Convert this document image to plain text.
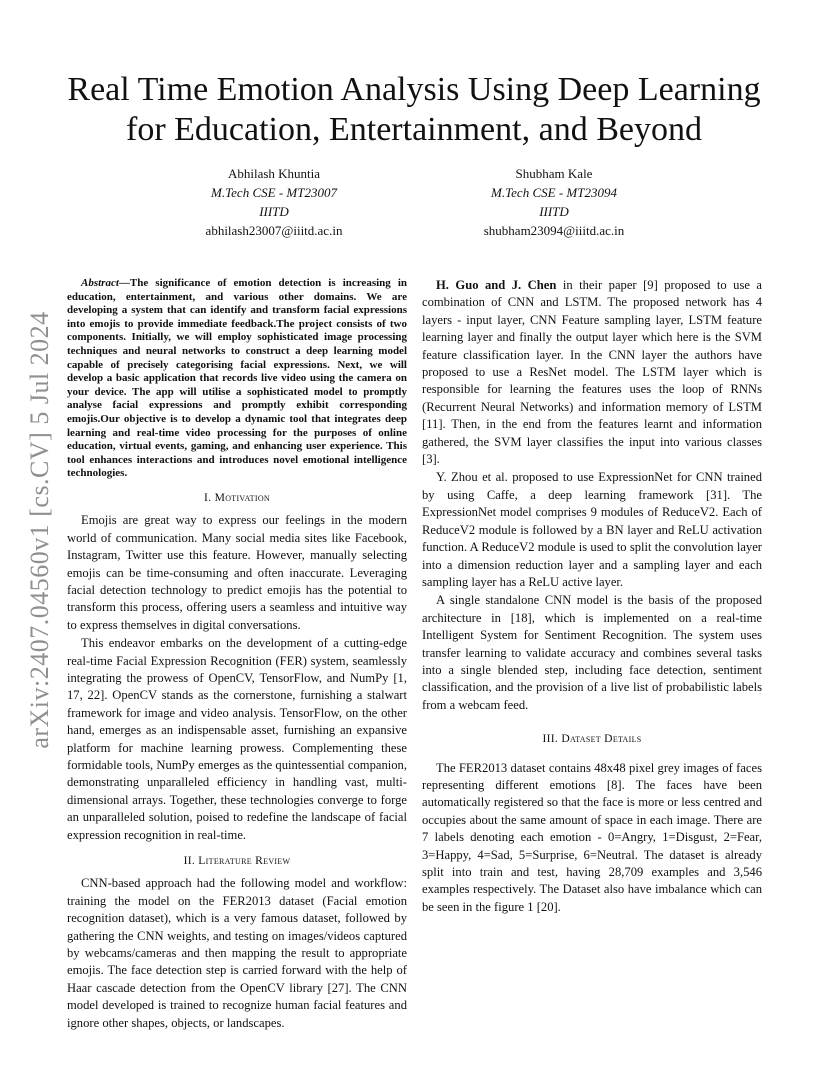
arXiv:2407.04560v1 [cs.CV] 5 Jul 2024
Real Time Emotion Analysis Using Deep Learning for Education, Entertainment, and Beyond
Abhilash Khuntia
M.Tech CSE - MT23007
IIITD
abhilash23007@iiitd.ac.in
Shubham Kale
M.Tech CSE - MT23094
IIITD
shubham23094@iiitd.ac.in

Abstract—The significance of emotion detection is increasing in education, entertainment, and various other domains. We are developing a system that can identify and transform facial expressions into emojis to provide immediate feedback.The project consists of two components. Initially, we will employ sophisticated image processing techniques and neural networks to construct a deep learning model capable of precisely categorising facial expressions. Next, we will develop a basic application that records live video using the camera on your device. The app will utilise a sophisticated model to promptly analyse facial expressions and promptly exhibit corresponding emojis.Our objective is to develop a dynamic tool that integrates deep learning and real-time video processing for the purposes of online education, virtual events, gaming, and enhancing user experience. This tool enhances interactions and introduces novel emotional intelligence technologies.

I. Motivation

Emojis are great way to express our feelings in the modern world of communication. Many social media sites like Facebook, Instagram, Twitter use this feature. However, manually selecting emojis can be time-consuming and often inaccurate. Leveraging facial detection technology to predict emojis has the potential to transform this process, offering users a seamless and intuitive way to express themselves in digital conversations.

This endeavor embarks on the development of a cutting-edge real-time Facial Expression Recognition (FER) system, seamlessly integrating the prowess of OpenCV, TensorFlow, and NumPy [1, 17, 22]. OpenCV stands as the cornerstone, furnishing a stalwart framework for image and video analysis. TensorFlow, on the other hand, emerges as an indispensable asset, furnishing an expansive platform for machine learning prowess. Complementing these formidable tools, NumPy emerges as the quintessential companion, demonstrating unparalleled efficiency in handling vast, multi-dimensional arrays. Together, these technologies converge to forge an unparalleled solution, poised to redefine the landscape of facial expression recognition in real-time.

II. Literature Review

CNN-based approach had the following model and workflow: training the model on the FER2013 dataset (Facial emotion recognition dataset), which is a very famous dataset, followed by gathering the CNN weights, and testing on images/videos captured by webcams/cameras and then mapping the result to appropriate emojis. The face detection step is carried forward with the help of Haar cascade detection from the OpenCV library [27]. The CNN model developed is trained to recognize human facial features and ignore other shapes, objects, or landscapes.

H. Guo and J. Chen in their paper [9] proposed to use a combination of CNN and LSTM. The proposed network has 4 layers - input layer, CNN Feature sampling layer, LSTM feature learning layer and finally the output layer which here is the SVM feature classification layer. In the CNN layer the authors have proposed to use a ResNet model. The LSTM layer which is responsible for learning the features uses the loop of RNNs (Recurrent Neural Networks) and information memory of LSTM [11]. Then, in the end from the features learnt and information gathered, the SVM layer classifies the input into various classes [3].

Y. Zhou et al. proposed to use ExpressionNet for CNN trained by using Caffe, a deep learning framework [31]. The ExpressionNet model comprises 9 modules of ReduceV2. Each of ReduceV2 module is followed by a BN layer and ReLU activation function. A ReduceV2 module is used to split the convolution layer into a dimension reduction layer and a sampling layer and each sampling layer has a ReLU active layer.

A single standalone CNN model is the basis of the proposed architecture in [18], which is implemented on a real-time Intelligent System for Sentiment Recognition. The system uses transfer learning to validate accuracy and combines several tasks into a single blended step, including face detection, sentiment classification, and the provision of a live list of probabilistic labels from a webcam feed.

III. Dataset Details

The FER2013 dataset contains 48x48 pixel grey images of faces representing different emotions [8]. The faces have been automatically registered so that the face is more or less centred and occupies about the same amount of space in each image. There are 7 labels denoting each emotion - 0=Angry, 1=Disgust, 2=Fear, 3=Happy, 4=Sad, 5=Surprise, 6=Neutral. The dataset is already split into train and test, having 28,709 examples and 3,546 examples respectively. The Dataset also have imbalance which can be seen in the figure 1 [20].
